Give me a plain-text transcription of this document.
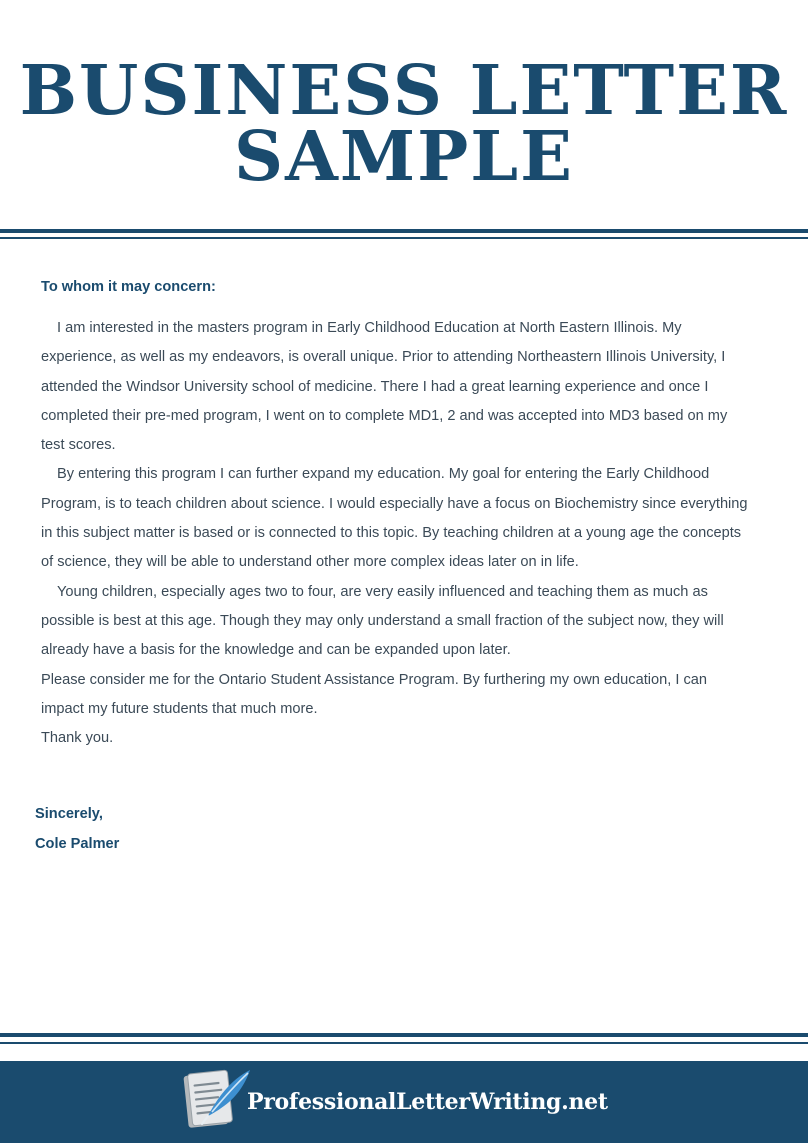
BUSINESS LETTER
SAMPLE

To whom it may concern:

I am interested in the masters program in Early Childhood Education at North Eastern Illinois. My experience, as well as my endeavors, is overall unique. Prior to attending Northeastern Illinois University, I attended the Windsor University school of medicine. There I had a great learning experience and once I completed their pre-med program, I went on to complete MD1, 2 and was accepted into MD3 based on my test scores.

By entering this program I can further expand my education. My goal for entering the Early Childhood Program, is to teach children about science. I would especially have a focus on Biochemistry since everything in this subject matter is based or is connected to this topic. By teaching children at a young age the concepts of science, they will be able to understand other more complex ideas later on in life.

Young children, especially ages two to four, are very easily influenced and teaching them as much as possible is best at this age. Though they may only understand a small fraction of the subject now, they will already have a basis for the knowledge and can be expanded upon later.

Please consider me for the Ontario Student Assistance Program. By furthering my own education, I can impact my future students that much more.

Thank you.

Sincerely,
Cole Palmer
ProfessionalLetterWriting.net
